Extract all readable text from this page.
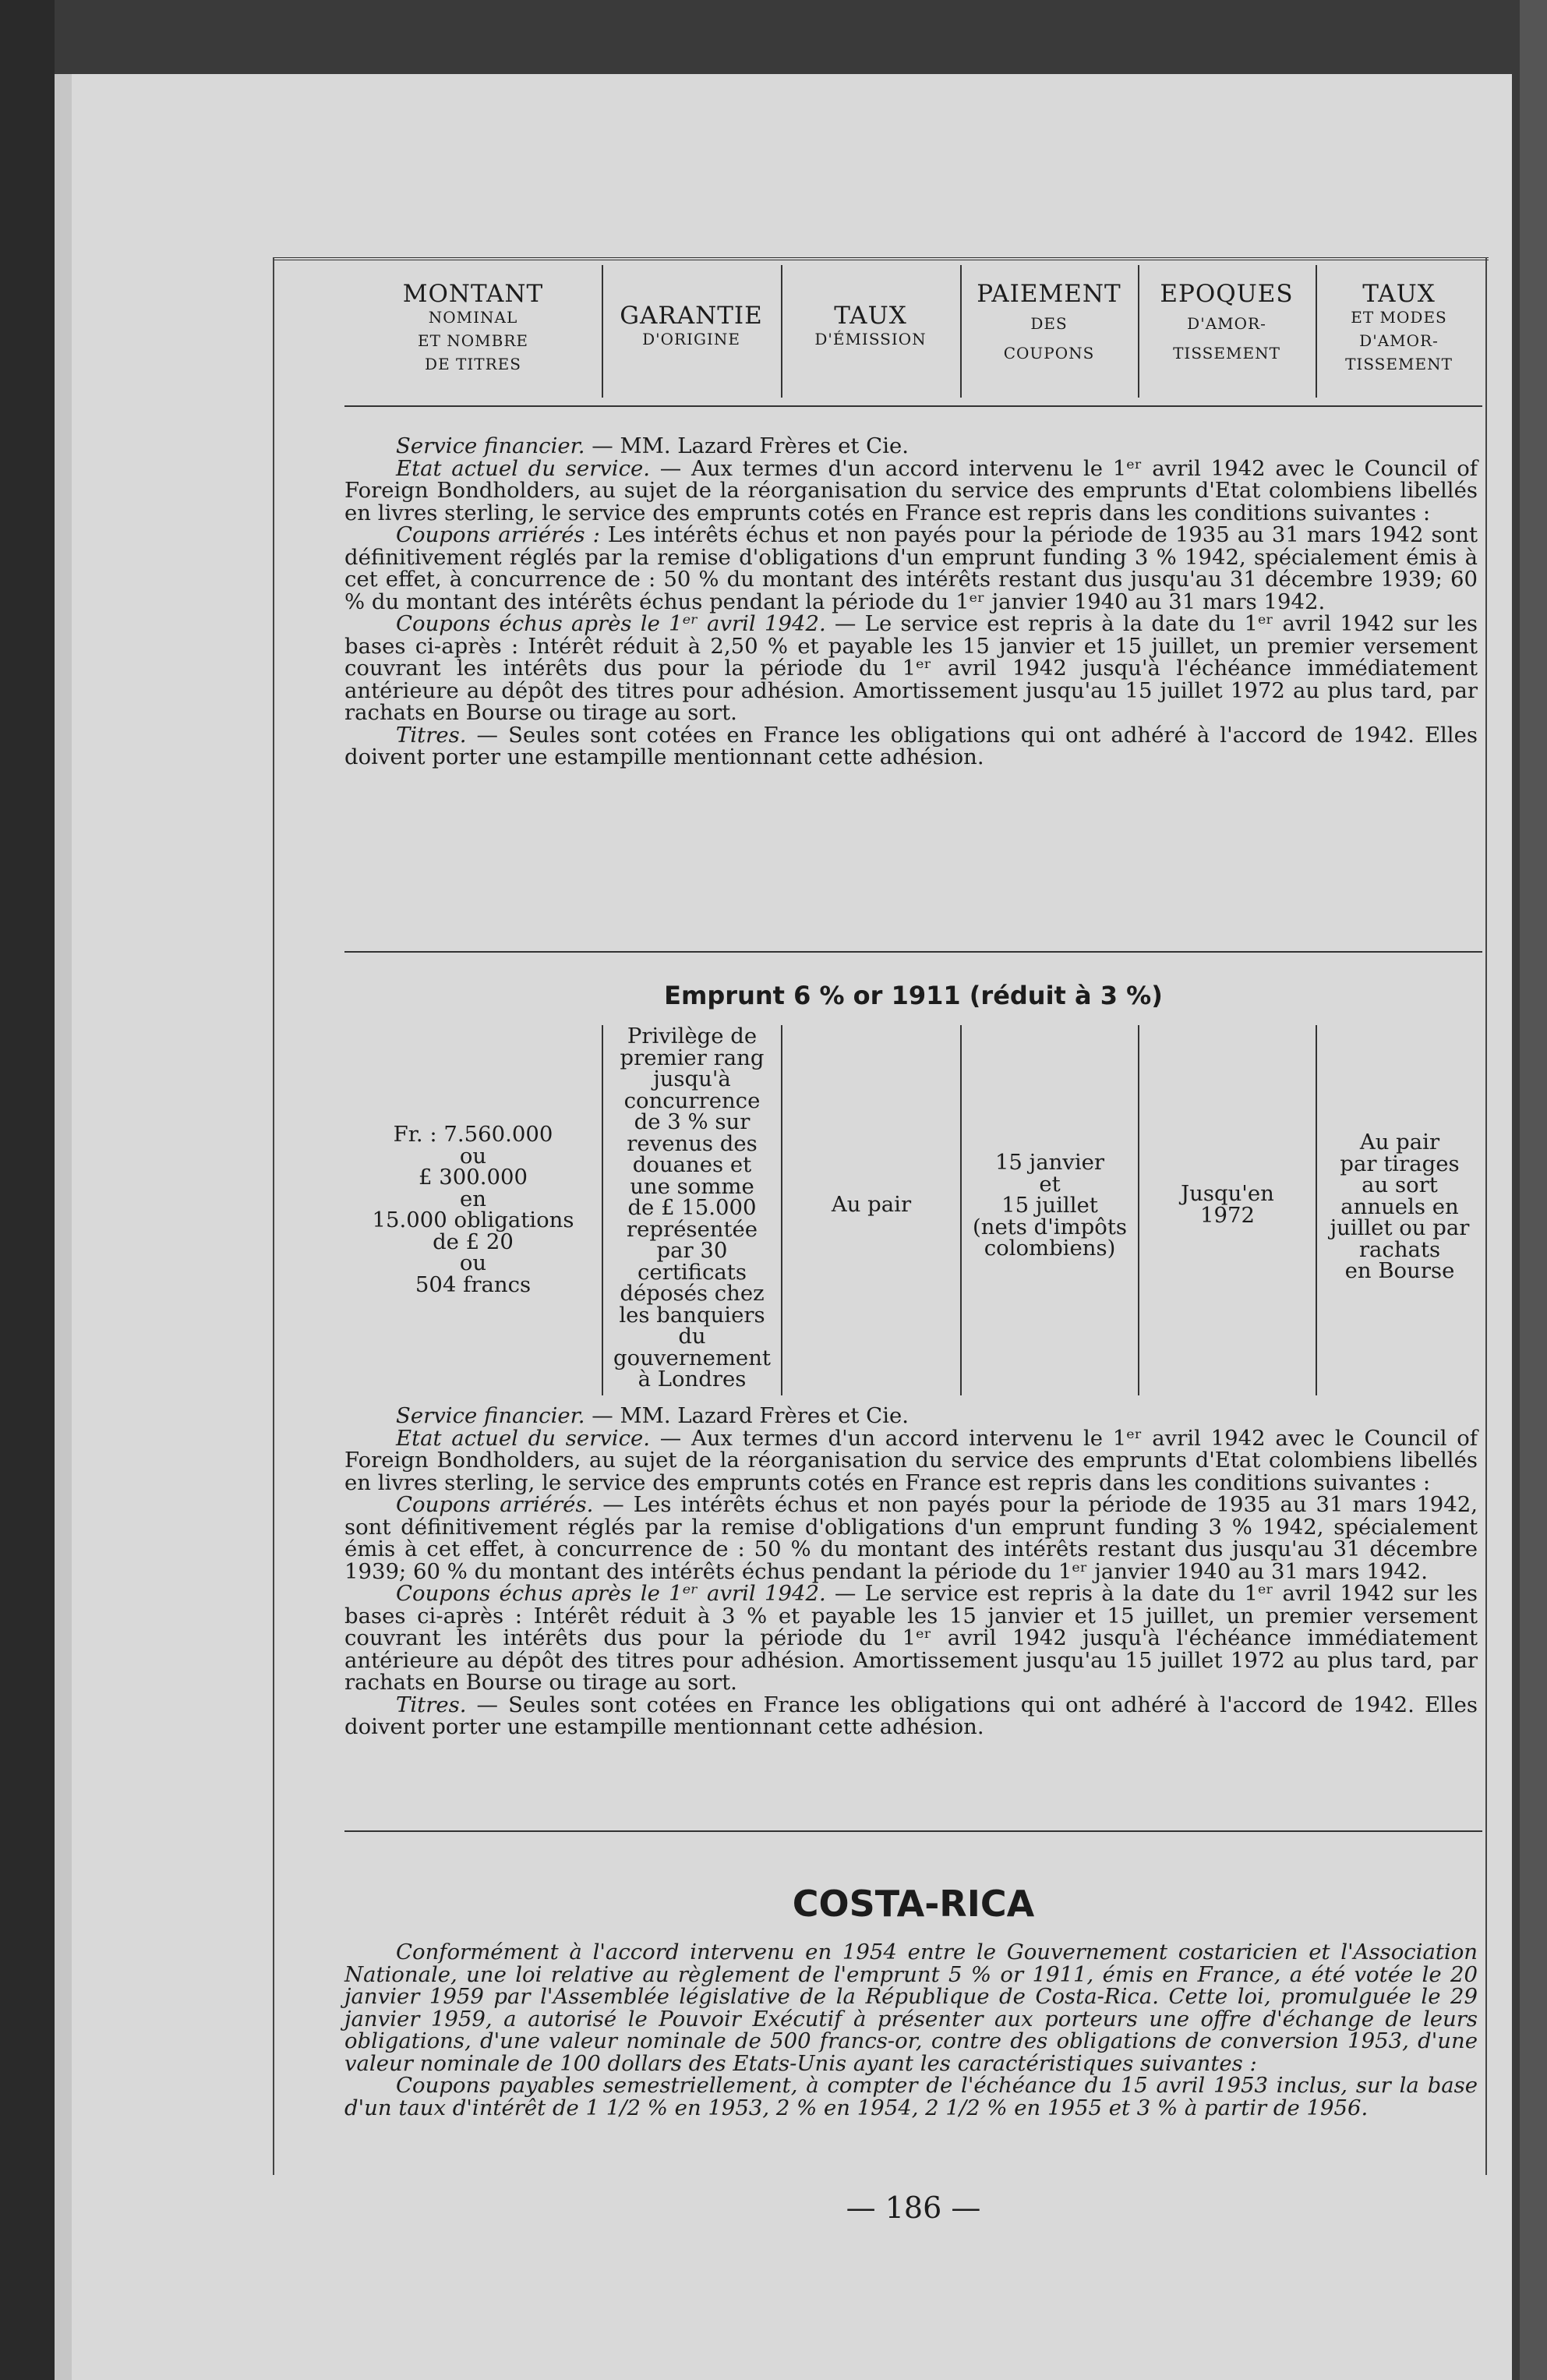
MONTANT
NOMINAL
ET NOMBRE
DE TITRES
GARANTIE
D'ORIGINE
TAUX
D'ÉMISSION
PAIEMENT
DES
COUPONS
EPOQUES
D'AMOR-
TISSEMENT
TAUX
ET MODES
D'AMOR-
TISSEMENT

Service financier. — MM. Lazard Frères et Cie.

Etat actuel du service. — Aux termes d'un accord intervenu le 1ᵉʳ avril 1942 avec le Council of Foreign Bondholders, au sujet de la réorganisation du service des emprunts d'Etat colombiens libellés en livres sterling, le service des emprunts cotés en France est repris dans les conditions suivantes :

Coupons arriérés : Les intérêts échus et non payés pour la période de 1935 au 31 mars 1942 sont définitivement réglés par la remise d'obligations d'un emprunt funding 3 % 1942, spécialement émis à cet effet, à concurrence de : 50 % du montant des intérêts restant dus jusqu'au 31 décembre 1939; 60 % du montant des intérêts échus pendant la période du 1ᵉʳ janvier 1940 au 31 mars 1942.

Coupons échus après le 1ᵉʳ avril 1942. — Le service est repris à la date du 1ᵉʳ avril 1942 sur les bases ci-après : Intérêt réduit à 2,50 % et payable les 15 janvier et 15 juillet, un premier versement couvrant les intérêts dus pour la période du 1ᵉʳ avril 1942 jusqu'à l'échéance immédiatement antérieure au dépôt des titres pour adhésion. Amortissement jusqu'au 15 juillet 1972 au plus tard, par rachats en Bourse ou tirage au sort.

Titres. — Seules sont cotées en France les obligations qui ont adhéré à l'accord de 1942. Elles doivent porter une estampille mentionnant cette adhésion.

Emprunt 6 % or 1911 (réduit à 3 %)
Fr. : 7.560.000
ou
£ 300.000
en
15.000 obligations
de £ 20
ou
504 francs
Privilège de
premier rang
jusqu'à
concurrence
de 3 % sur
revenus des
douanes et
une somme
de £ 15.000
représentée
par 30
certificats
déposés chez
les banquiers
du
gouvernement
à Londres
Au pair
15 janvier
et
15 juillet
(nets d'impôts
colombiens)
Jusqu'en
1972
Au pair
par tirages
au sort
annuels en
juillet ou par
rachats
en Bourse

Service financier. — MM. Lazard Frères et Cie.

Etat actuel du service. — Aux termes d'un accord intervenu le 1ᵉʳ avril 1942 avec le Council of Foreign Bondholders, au sujet de la réorganisation du service des emprunts d'Etat colombiens libellés en livres sterling, le service des emprunts cotés en France est repris dans les conditions suivantes :

Coupons arriérés. — Les intérêts échus et non payés pour la période de 1935 au 31 mars 1942, sont définitivement réglés par la remise d'obligations d'un emprunt funding 3 % 1942, spécialement émis à cet effet, à concurrence de : 50 % du montant des intérêts restant dus jusqu'au 31 décembre 1939; 60 % du montant des intérêts échus pendant la période du 1ᵉʳ janvier 1940 au 31 mars 1942.

Coupons échus après le 1ᵉʳ avril 1942. — Le service est repris à la date du 1ᵉʳ avril 1942 sur les bases ci-après : Intérêt réduit à 3 % et payable les 15 janvier et 15 juillet, un premier versement couvrant les intérêts dus pour la période du 1ᵉʳ avril 1942 jusqu'à l'échéance immédiatement antérieure au dépôt des titres pour adhésion. Amortissement jusqu'au 15 juillet 1972 au plus tard, par rachats en Bourse ou tirage au sort.

Titres. — Seules sont cotées en France les obligations qui ont adhéré à l'accord de 1942. Elles doivent porter une estampille mentionnant cette adhésion.

COSTA-RICA

Conformément à l'accord intervenu en 1954 entre le Gouvernement costaricien et l'Association Nationale, une loi relative au règlement de l'emprunt 5 % or 1911, émis en France, a été votée le 20 janvier 1959 par l'Assemblée législative de la République de Costa-Rica. Cette loi, promulguée le 29 janvier 1959, a autorisé le Pouvoir Exécutif à présenter aux porteurs une offre d'échange de leurs obligations, d'une valeur nominale de 500 francs-or, contre des obligations de conversion 1953, d'une valeur nominale de 100 dollars des Etats-Unis ayant les caractéristiques suivantes :

Coupons payables semestriellement, à compter de l'échéance du 15 avril 1953 inclus, sur la base d'un taux d'intérêt de 1 1/2 % en 1953, 2 % en 1954, 2 1/2 % en 1955 et 3 % à partir de 1956.

— 186 —
